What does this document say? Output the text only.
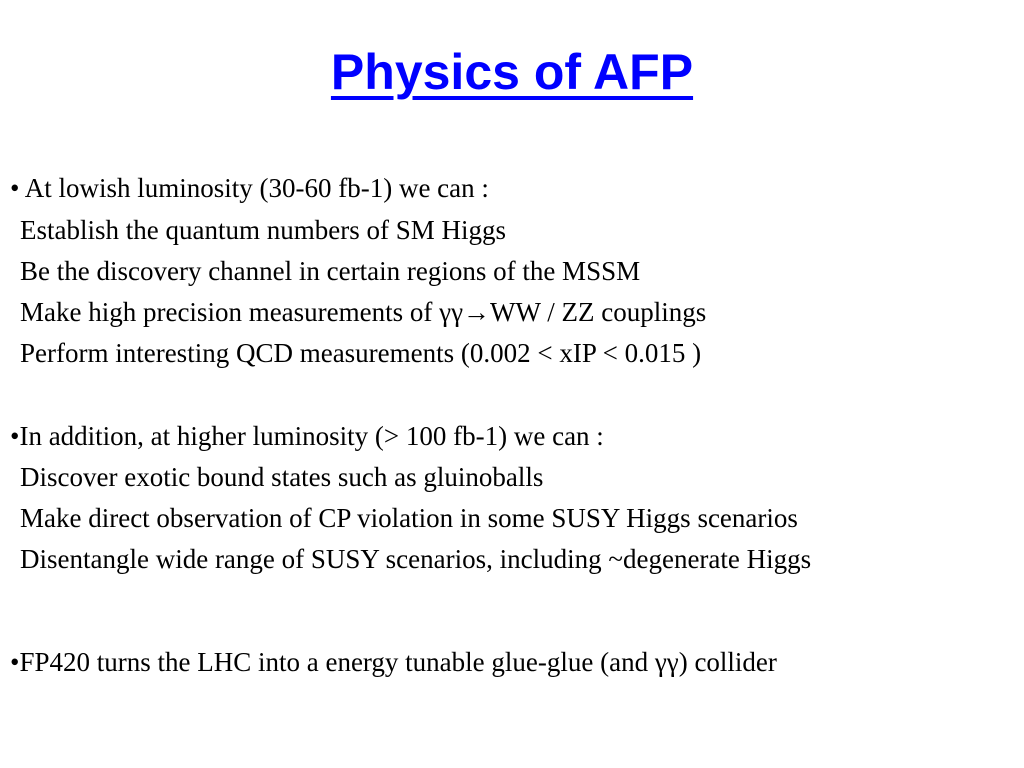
Physics of AFP
• At lowish luminosity (30-60 fb-1) we can :
Establish the quantum numbers of SM Higgs
Be the discovery channel in certain regions of the MSSM
Make high precision measurements of γγ→WW / ZZ couplings
Perform interesting QCD measurements (0.002 < xIP < 0.015 )
•In addition, at higher luminosity (> 100 fb-1) we can :
Discover exotic bound states such as gluinoballs
Make direct observation of CP violation in some SUSY Higgs scenarios
Disentangle wide range of SUSY scenarios, including ~degenerate Higgs
•FP420 turns the LHC into a energy tunable glue-glue (and γγ) collider
